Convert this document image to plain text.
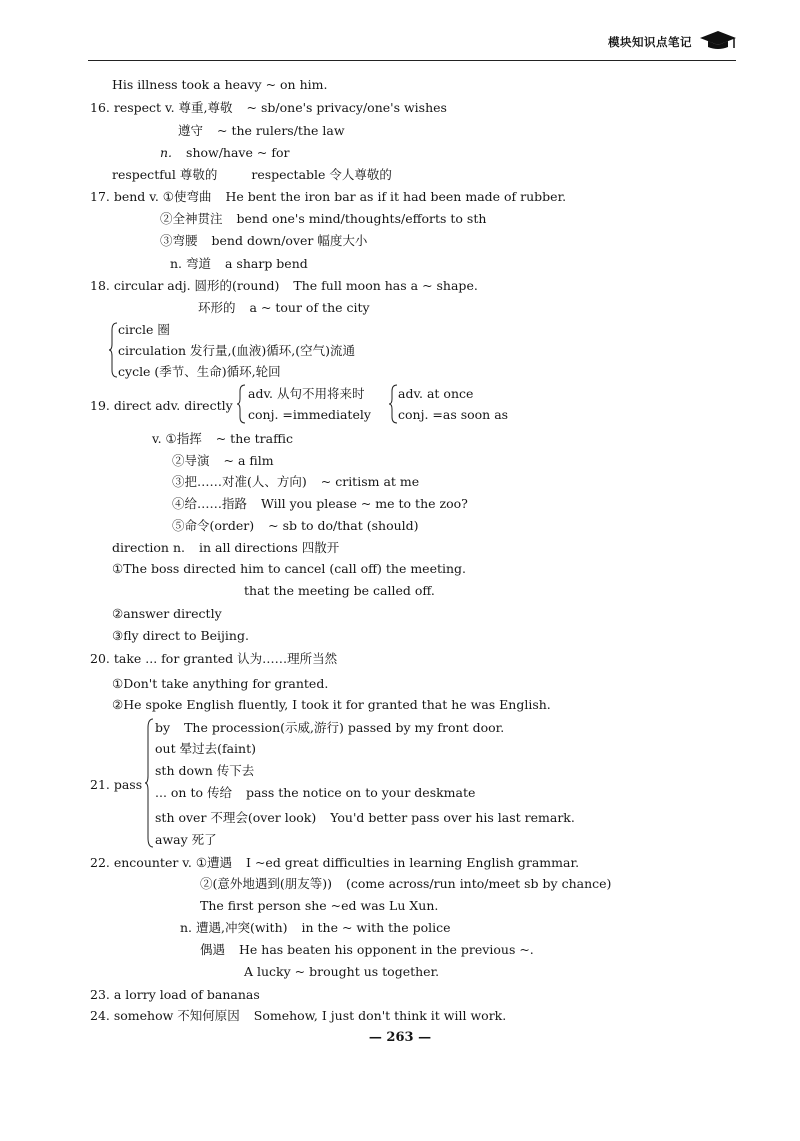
模块知识点笔记
His illness took a heavy ~ on him.
16. respect v. 尊重,尊敬 ~ sb/one's privacy/one's wishes
遵守 ~ the rulers/the law
n. show/have ~ for
respectful 尊敬的	respectable 令人尊敬的
17. bend v. ①使弯曲 He bent the iron bar as if it had been made of rubber.
②全神贯注 bend one's mind/thoughts/efforts to sth
③弯腰 bend down/over 幅度大小
n. 弯道 a sharp bend
18. circular adj. 圆形的(round) The full moon has a ~ shape.
环形的 a ~ tour of the city
circle 圈
circulation 发行量,(血液)循环,(空气)流通
cycle (季节、生命)循环,轮回
19. direct adv. directly
adv. 从句不用将来时
conj. =immediately
adv. at once
conj. =as soon as
v. ①指挥 ~ the traffic
②导演 ~ a film
③把……对准(人、方向) ~ critism at me
④给……指路 Will you please ~ me to the zoo?
⑤命令(order) ~ sb to do/that (should)
direction n. in all directions 四散开
①The boss directed him to cancel (call off) the meeting.
that the meeting be called off.
②answer directly
③fly direct to Beijing.
20. take ... for granted 认为……理所当然
①Don't take anything for granted.
②He spoke English fluently, I took it for granted that he was English.
21. pass
by The procession(示威,游行) passed by my front door.
out 晕过去(faint)
sth down 传下去
... on to 传给 pass the notice on to your deskmate
sth over 不理会(over look) You'd better pass over his last remark.
away 死了
22. encounter v. ①遭遇 I ~ed great difficulties in learning English grammar.
②(意外地遇到(朋友等)) (come across/run into/meet sb by chance)
The first person she ~ed was Lu Xun.
n. 遭遇,冲突(with) in the ~ with the police
偶遇 He has beaten his opponent in the previous ~.
A lucky ~ brought us together.
23. a lorry load of bananas
24. somehow 不知何原因 Somehow, I just don't think it will work.
— 263 —
